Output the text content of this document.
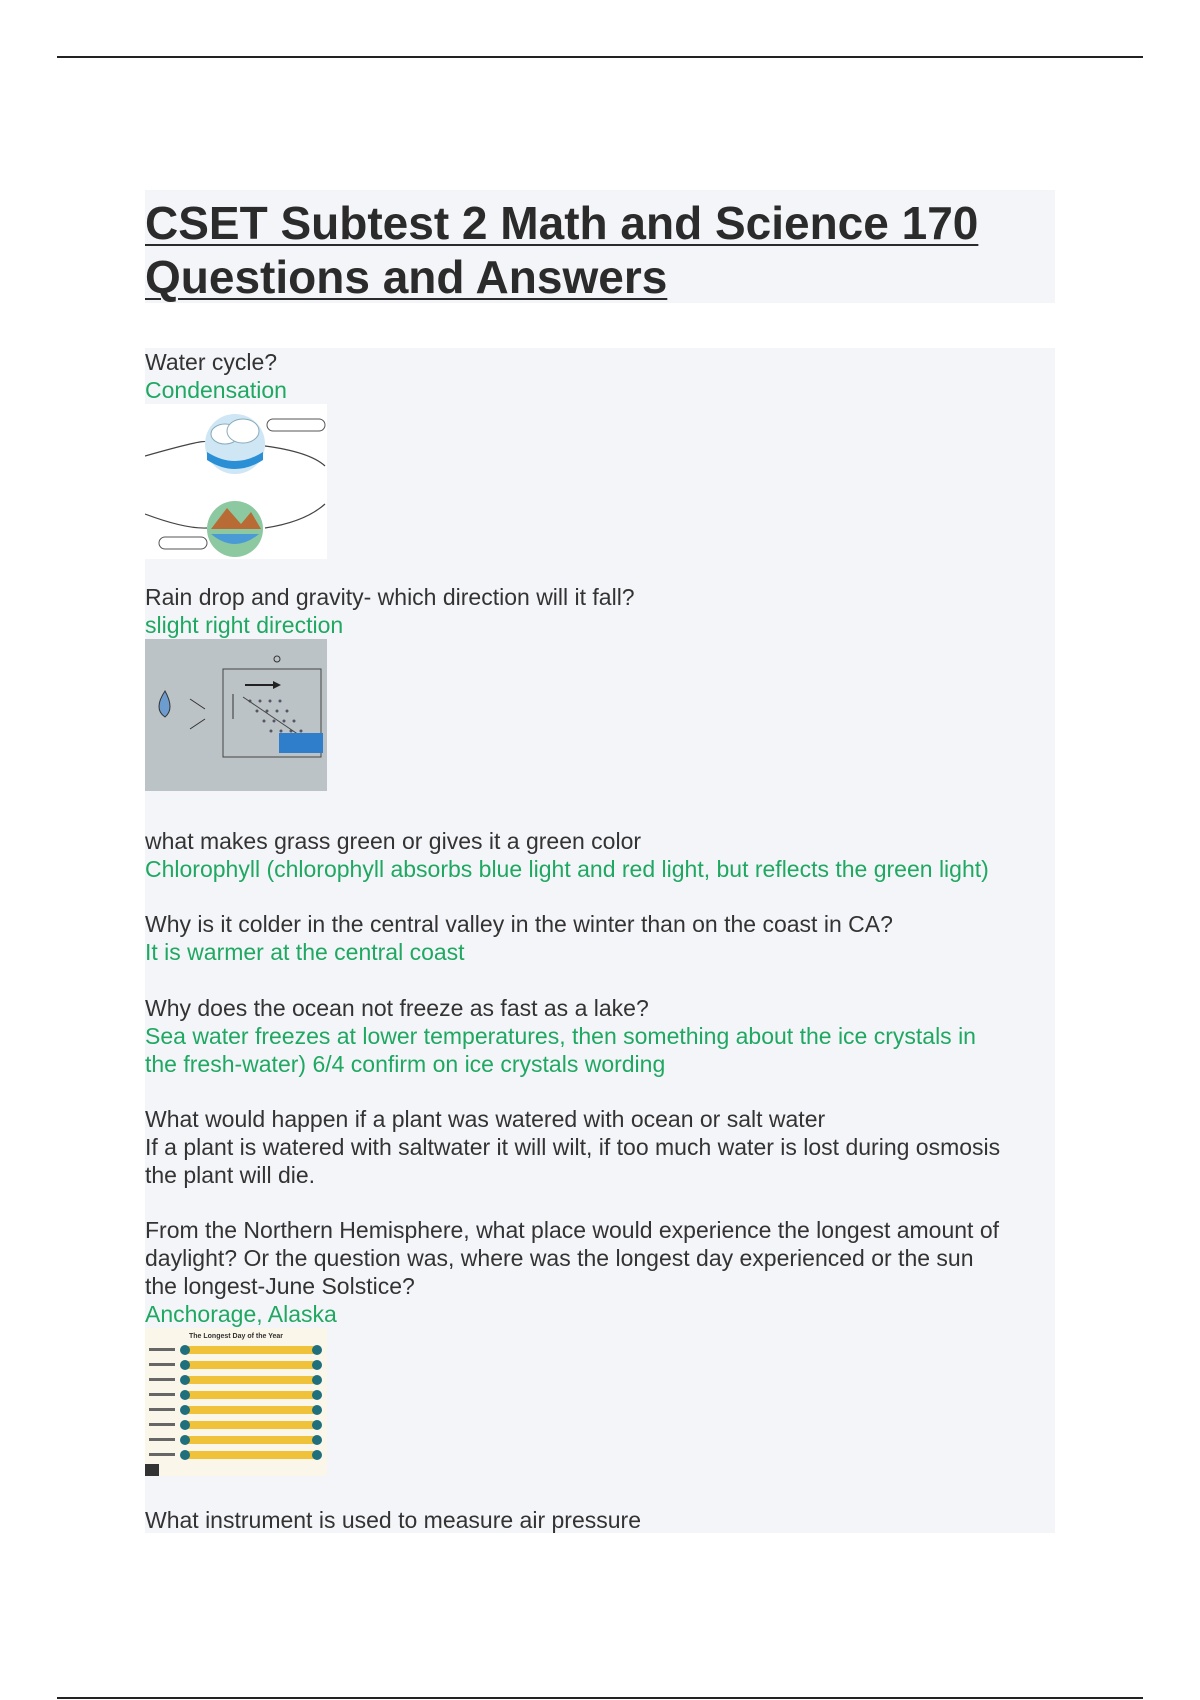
CSET Subtest 2 Math and Science 170
Questions and Answers

Water cycle?

Condensation

Rain drop and gravity- which direction will it fall?

slight right direction

what makes grass green or gives it a green color

Chlorophyll (chlorophyll absorbs blue light and red light, but reflects the green light)

Why is it colder in the central valley in the winter than on the coast in CA?

It is warmer at the central coast

Why does the ocean not freeze as fast as a lake?

Sea water freezes at lower temperatures, then something about the ice crystals in

the fresh-water) 6/4 confirm on ice crystals wording

What would happen if a plant was watered with ocean or salt water

If a plant is watered with saltwater it will wilt, if too much water is lost during osmosis

the plant will die.

From the Northern Hemisphere, what place would experience the longest amount of

daylight? Or the question was, where was the longest day experienced or the sun

the longest-June Solstice?

Anchorage, Alaska

The Longest Day of the Year

What instrument is used to measure air pressure
